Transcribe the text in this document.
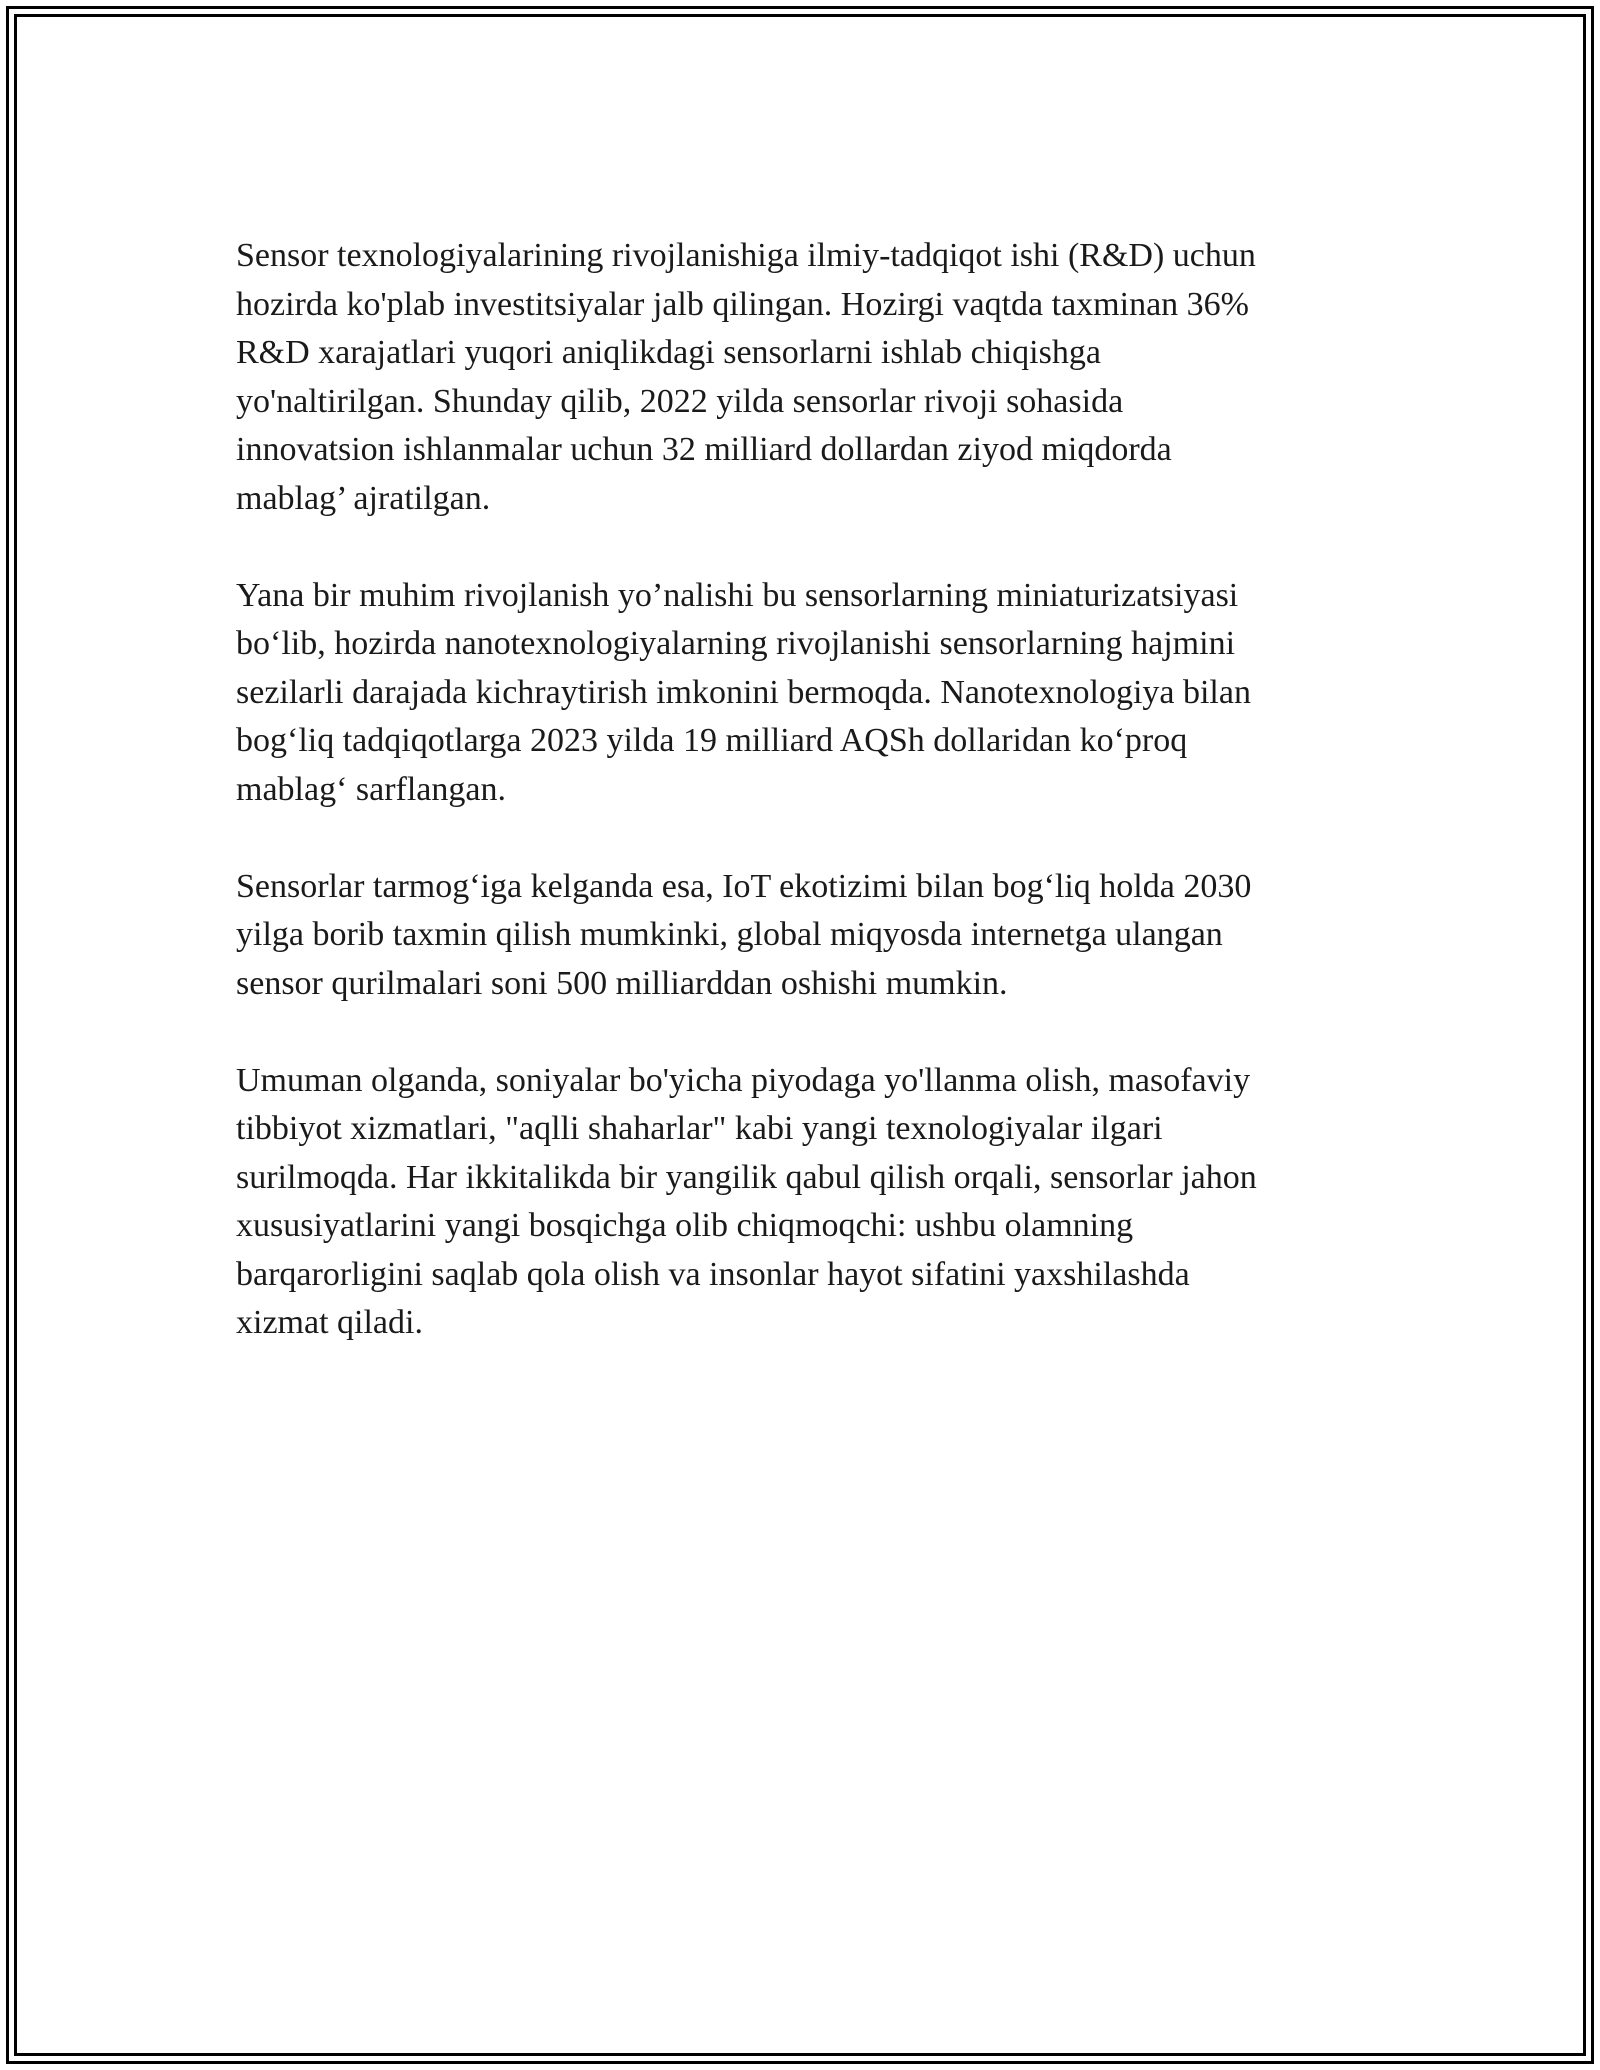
Sensor texnologiyalarining rivojlanishiga ilmiy-tadqiqot ishi (R&D) uchun
hozirda ko'plab investitsiyalar jalb qilingan. Hozirgi vaqtda taxminan 36%
R&D xarajatlari yuqori aniqlikdagi sensorlarni ishlab chiqishga
yo'naltirilgan. Shunday qilib, 2022 yilda sensorlar rivoji sohasida
innovatsion ishlanmalar uchun 32 milliard dollardan ziyod miqdorda
mablag’ ajratilgan.

Yana bir muhim rivojlanish yo’nalishi bu sensorlarning miniaturizatsiyasi
bo‘lib, hozirda nanotexnologiyalarning rivojlanishi sensorlarning hajmini
sezilarli darajada kichraytirish imkonini bermoqda. Nanotexnologiya bilan
bog‘liq tadqiqotlarga 2023 yilda 19 milliard AQSh dollaridan ko‘proq
mablag‘ sarflangan.

Sensorlar tarmog‘iga kelganda esa, IoT ekotizimi bilan bog‘liq holda 2030
yilga borib taxmin qilish mumkinki, global miqyosda internetga ulangan
sensor qurilmalari soni 500 milliarddan oshishi mumkin.

Umuman olganda, soniyalar bo'yicha piyodaga yo'llanma olish, masofaviy
tibbiyot xizmatlari, "aqlli shaharlar" kabi yangi texnologiyalar ilgari
surilmoqda. Har ikkitalikda bir yangilik qabul qilish orqali, sensorlar jahon
xususiyatlarini yangi bosqichga olib chiqmoqchi: ushbu olamning
barqarorligini saqlab qola olish va insonlar hayot sifatini yaxshilashda
xizmat qiladi.
